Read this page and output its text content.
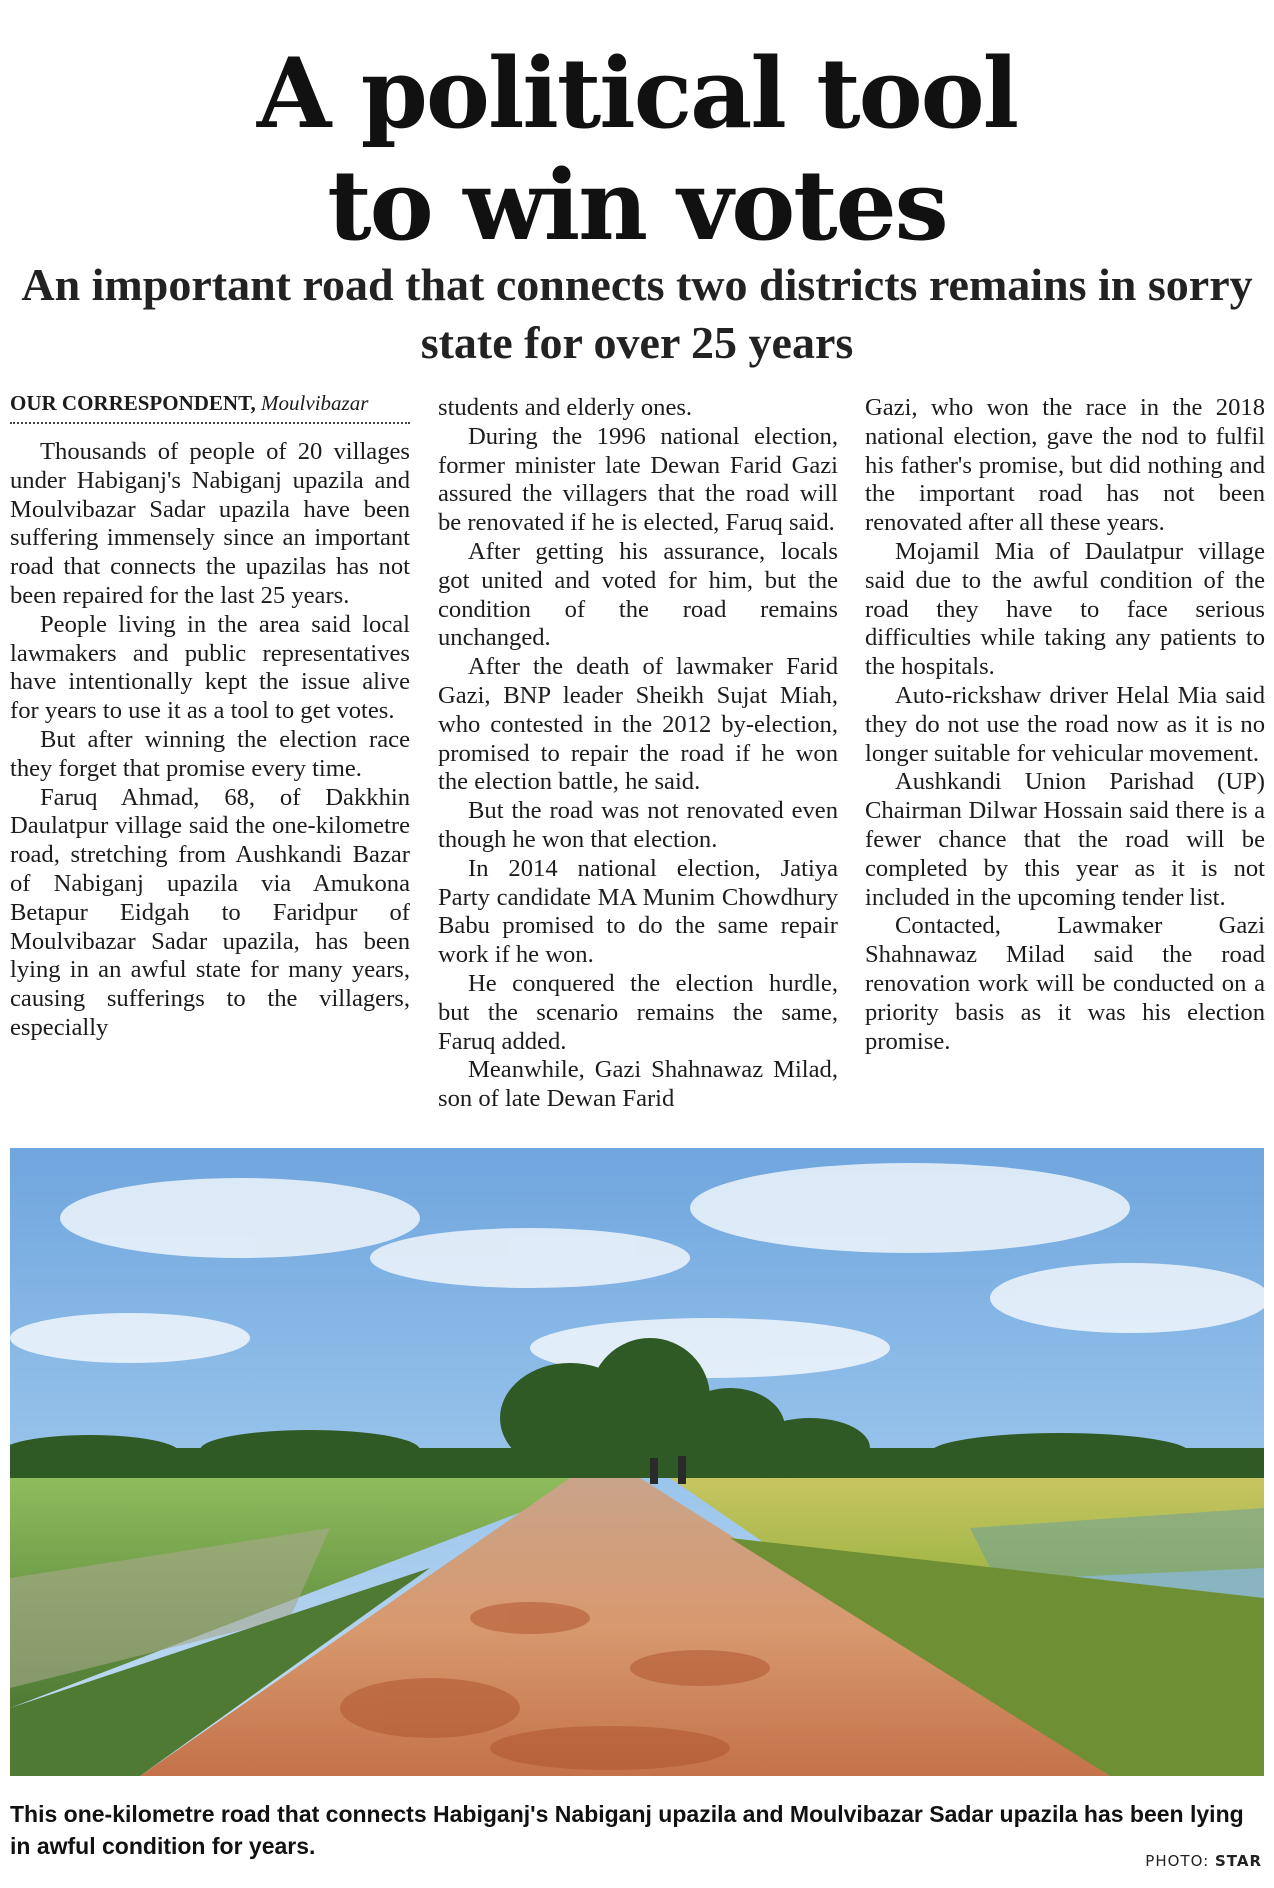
A political tool
to win votes
An important road that connects two districts remains in sorry state for over 25 years
OUR CORRESPONDENT, Moulvibazar

Thousands of people of 20 villages under Habiganj's Nabiganj upazila and Moulvibazar Sadar upazila have been suffering immensely since an important road that connects the upazilas has not been repaired for the last 25 years.

People living in the area said local lawmakers and public representatives have intentionally kept the issue alive for years to use it as a tool to get votes.

But after winning the election race they forget that promise every time.

Faruq Ahmad, 68, of Dakkhin Daulatpur village said the one-kilometre road, stretching from Aushkandi Bazar of Nabiganj upazila via Amukona Betapur Eidgah to Faridpur of Moulvibazar Sadar upazila, has been lying in an awful state for many years, causing sufferings to the villagers, especially

students and elderly ones.

During the 1996 national election, former minister late Dewan Farid Gazi assured the villagers that the road will be renovated if he is elected, Faruq said.

After getting his assurance, locals got united and voted for him, but the condition of the road remains unchanged.

After the death of lawmaker Farid Gazi, BNP leader Sheikh Sujat Miah, who contested in the 2012 by-election, promised to repair the road if he won the election battle, he said.

But the road was not renovated even though he won that election.

In 2014 national election, Jatiya Party candidate MA Munim Chowdhury Babu promised to do the same repair work if he won.

He conquered the election hurdle, but the scenario remains the same, Faruq added.

Meanwhile, Gazi Shahnawaz Milad, son of late Dewan Farid

Gazi, who won the race in the 2018 national election, gave the nod to fulfil his father's promise, but did nothing and the important road has not been renovated after all these years.

Mojamil Mia of Daulatpur village said due to the awful condition of the road they have to face serious difficulties while taking any patients to the hospitals.

Auto-rickshaw driver Helal Mia said they do not use the road now as it is no longer suitable for vehicular movement.

Aushkandi Union Parishad (UP) Chairman Dilwar Hossain said there is a fewer chance that the road will be completed by this year as it is not included in the upcoming tender list.

Contacted, Lawmaker Gazi Shahnawaz Milad said the road renovation work will be conducted on a priority basis as it was his election promise.

This one-kilometre road that connects Habiganj's Nabiganj upazila and Moulvibazar Sadar upazila has been lying in awful condition for years.

PHOTO: STAR
